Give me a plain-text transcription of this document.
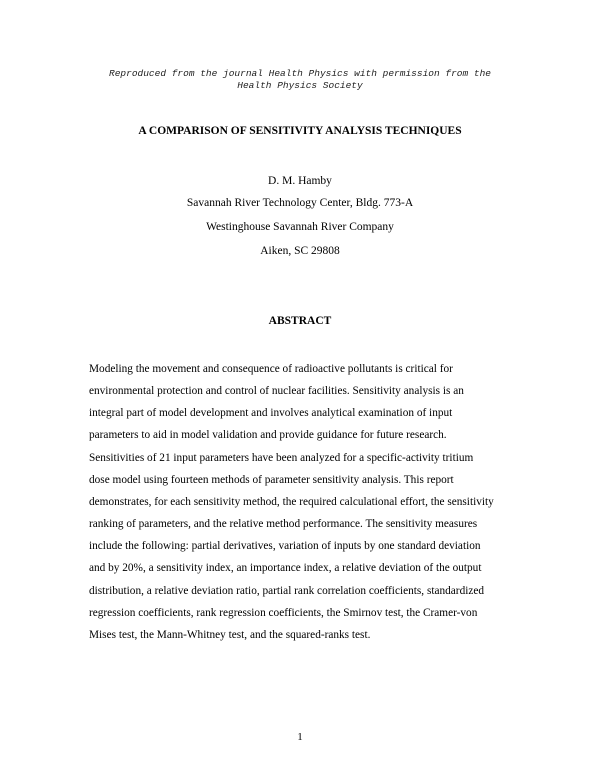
Reproduced from the journal Health Physics with permission from the
Health Physics Society
A COMPARISON OF SENSITIVITY ANALYSIS TECHNIQUES
D. M. Hamby
Savannah River Technology Center, Bldg. 773-A
Westinghouse Savannah River Company
Aiken, SC 29808
ABSTRACT
Modeling the movement and consequence of radioactive pollutants is critical for
environmental protection and control of nuclear facilities. Sensitivity analysis is an
integral part of model development and involves analytical examination of input
parameters to aid in model validation and provide guidance for future research.
Sensitivities of 21 input parameters have been analyzed for a specific-activity tritium
dose model using fourteen methods of parameter sensitivity analysis. This report
demonstrates, for each sensitivity method, the required calculational effort, the sensitivity
ranking of parameters, and the relative method performance. The sensitivity measures
include the following: partial derivatives, variation of inputs by one standard deviation
and by 20%, a sensitivity index, an importance index, a relative deviation of the output
distribution, a relative deviation ratio, partial rank correlation coefficients, standardized
regression coefficients, rank regression coefficients, the Smirnov test, the Cramer-von
Mises test, the Mann-Whitney test, and the squared-ranks test.
1
